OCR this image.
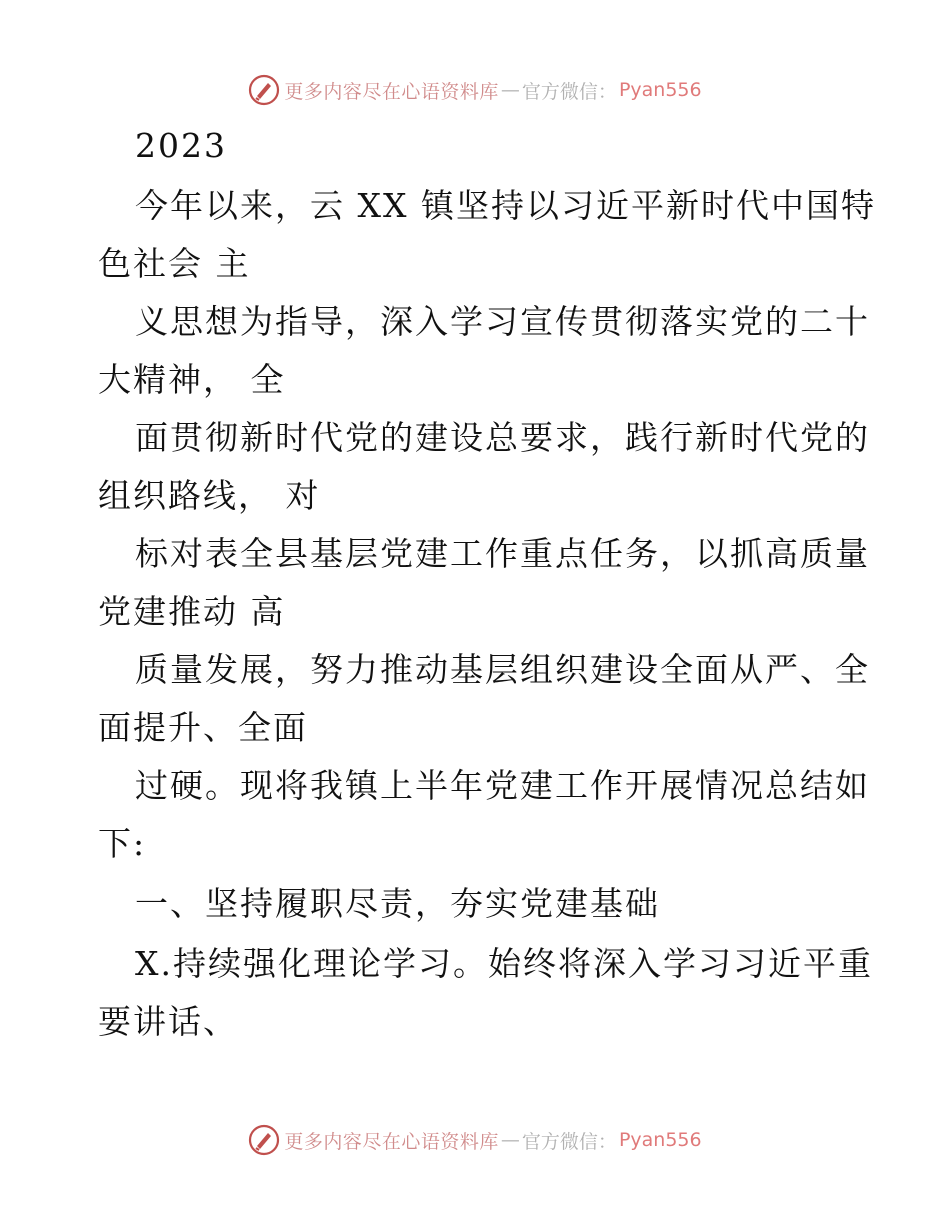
更多内容尽在心语资料库 — 官方微信： Pyan556
2023
今年以来，云 XX 镇坚持以习近平新时代中国特
色社会 主
义思想为指导，深入学习宣传贯彻落实党的二十
大精神， 全
面贯彻新时代党的建设总要求，践行新时代党的
组织路线， 对
标对表全县基层党建工作重点任务，以抓高质量
党建推动 高
质量发展，努力推动基层组织建设全面从严、全
面提升、全面
过硬。现将我镇上半年党建工作开展情况总结如
下:
一、坚持履职尽责，夯实党建基础
X.持续强化理论学习。始终将深入学习习近平重
要讲话、
更多内容尽在心语资料库 — 官方微信： Pyan556
